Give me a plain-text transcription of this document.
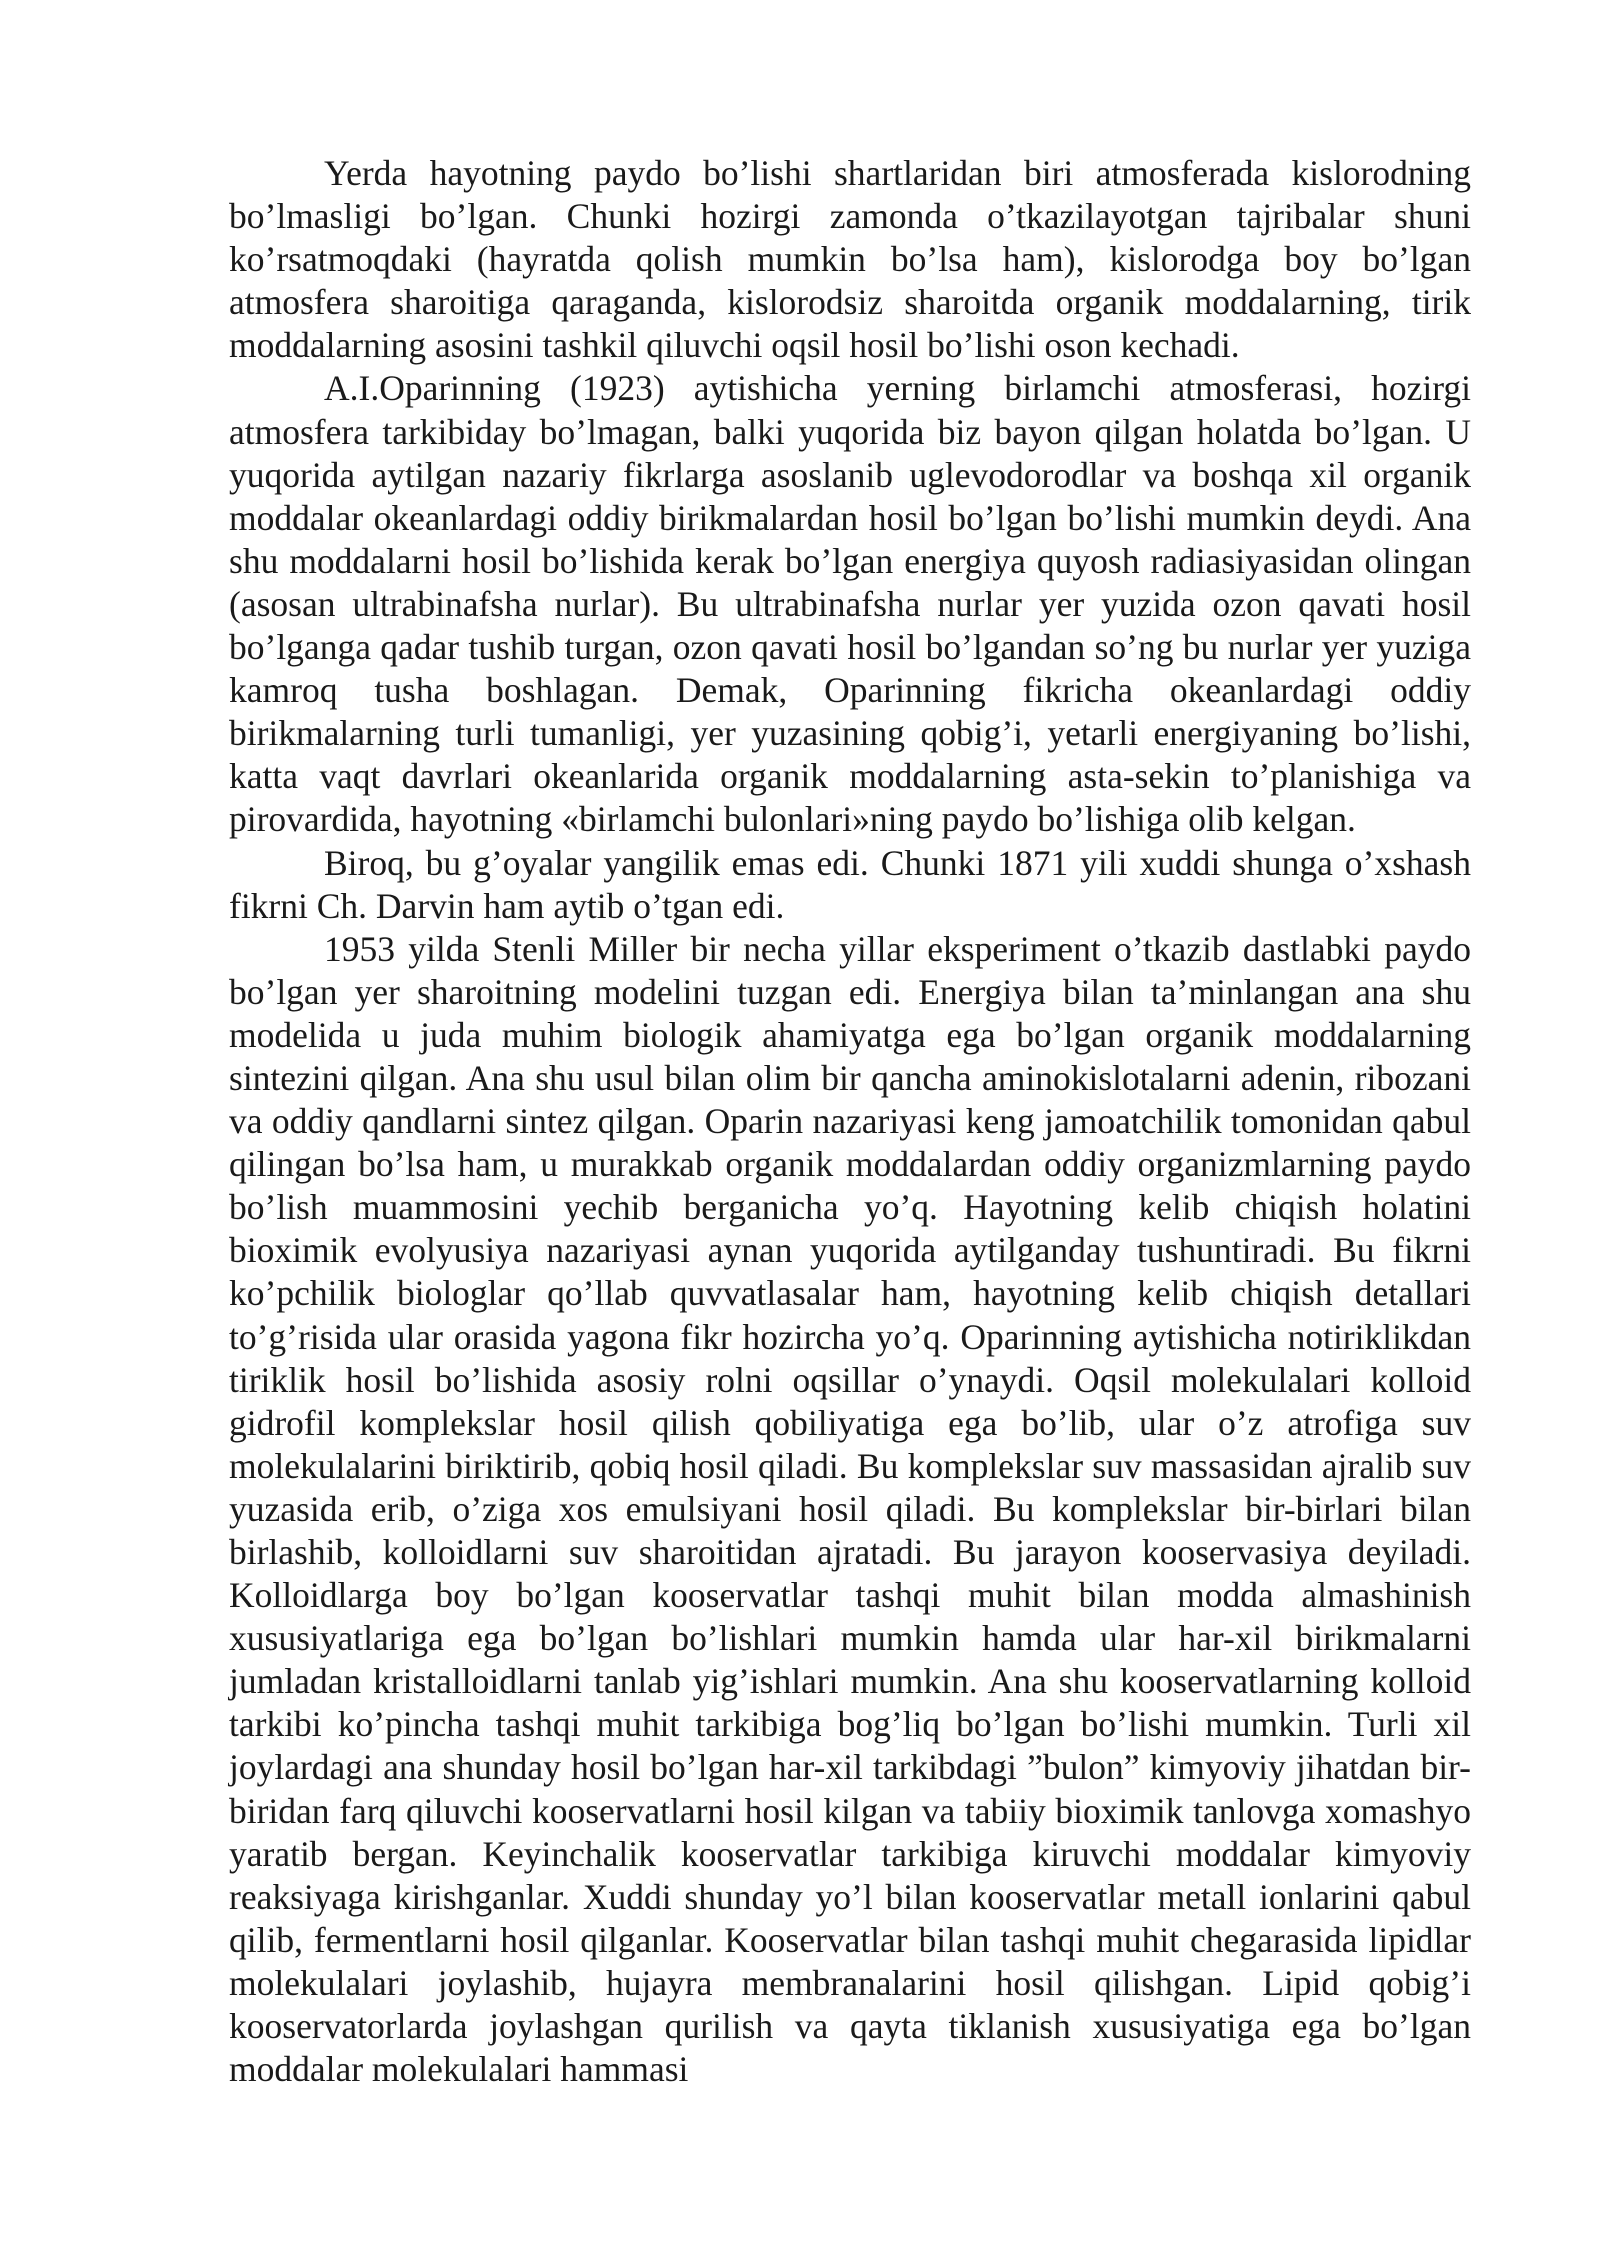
Yerda hayotning paydo bo’lishi shartlaridan biri atmosferada kislorodning bo’lmasligi bo’lgan. Chunki hozirgi zamonda o’tkazilayotgan tajribalar shuni ko’rsatmoqdaki (hayratda qolish mumkin bo’lsa ham), kislorodga boy bo’lgan atmosfera sharoitiga qaraganda, kislorodsiz sharoitda organik moddalarning, tirik moddalarning asosini tashkil qiluvchi oqsil hosil bo’lishi oson kechadi.

A.I.Oparinning (1923) aytishicha yerning birlamchi atmosferasi, hozirgi atmosfera tarkibiday bo’lmagan, balki yuqorida biz bayon qilgan holatda bo’lgan. U yuqorida aytilgan nazariy fikrlarga asoslanib uglevodorodlar va boshqa xil organik moddalar okeanlardagi oddiy birikmalardan hosil bo’lgan bo’lishi mumkin deydi. Ana shu moddalarni hosil bo’lishida kerak bo’lgan energiya quyosh radiasiyasidan olingan (asosan ultrabinafsha nurlar). Bu ultrabinafsha nurlar yer yuzida ozon qavati hosil bo’lganga qadar tushib turgan, ozon qavati hosil bo’lgandan so’ng bu nurlar yer yuziga kamroq tusha boshlagan. Demak, Oparinning fikricha okeanlardagi oddiy birikmalarning turli tumanligi, yer yuzasining qobig’i, yetarli energiyaning bo’lishi, katta vaqt davrlari okeanlarida organik moddalarning asta-sekin to’planishiga va pirovardida, hayotning «birlamchi bulonlari»ning paydo bo’lishiga olib kelgan.

Biroq, bu g’oyalar yangilik emas edi. Chunki 1871 yili xuddi shunga o’xshash fikrni Ch. Darvin ham aytib o’tgan edi.

1953 yilda Stenli Miller bir necha yillar eksperiment o’tkazib dastlabki paydo bo’lgan yer sharoitning modelini tuzgan edi. Energiya bilan ta’minlangan ana shu modelida u juda muhim biologik ahamiyatga ega bo’lgan organik moddalarning sintezini qilgan. Ana shu usul bilan olim bir qancha aminokislotalarni adenin, ribozani va oddiy qandlarni sintez qilgan. Oparin nazariyasi keng jamoatchilik tomonidan qabul qilingan bo’lsa ham, u murakkab organik moddalardan oddiy organizmlarning paydo bo’lish muammosini yechib berganicha yo’q. Hayotning kelib chiqish holatini bioximik evolyusiya nazariyasi aynan yuqorida aytilganday tushuntiradi. Bu fikrni ko’pchilik biologlar qo’llab quvvatlasalar ham, hayotning kelib chiqish detallari to’g’risida ular orasida yagona fikr hozircha yo’q. Oparinning aytishicha notiriklikdan tiriklik hosil bo’lishida asosiy rolni oqsillar o’ynaydi. Oqsil molekulalari kolloid gidrofil komplekslar hosil qilish qobiliyatiga ega bo’lib, ular o’z atrofiga suv molekulalarini biriktirib, qobiq hosil qiladi. Bu komplekslar suv massasidan ajralib suv yuzasida erib, o’ziga xos emulsiyani hosil qiladi. Bu komplekslar bir-birlari bilan birlashib, kolloidlarni suv sharoitidan ajratadi. Bu jarayon kooservasiya deyiladi. Kolloidlarga boy bo’lgan kooservatlar tashqi muhit bilan modda almashinish xususiyatlariga ega bo’lgan bo’lishlari mumkin hamda ular har-xil birikmalarni jumladan kristalloidlarni tanlab yig’ishlari mumkin. Ana shu kooservatlarning kolloid tarkibi ko’pincha tashqi muhit tarkibiga bog’liq bo’lgan bo’lishi mumkin. Turli xil joylardagi ana shunday hosil bo’lgan har-xil tarkibdagi ”bulon” kimyoviy jihatdan bir-biridan farq qiluvchi kooservatlarni hosil kilgan va tabiiy bioximik tanlovga xomashyo yaratib bergan. Keyinchalik kooservatlar tarkibiga kiruvchi moddalar kimyoviy reaksiyaga kirishganlar. Xuddi shunday yo’l bilan kooservatlar metall ionlarini qabul qilib, fermentlarni hosil qilganlar. Kooservatlar bilan tashqi muhit chegarasida lipidlar molekulalari joylashib, hujayra membranalarini hosil qilishgan. Lipid qobig’i kooservatorlarda joylashgan qurilish va qayta tiklanish xususiyatiga ega bo’lgan moddalar molekulalari hammasi
